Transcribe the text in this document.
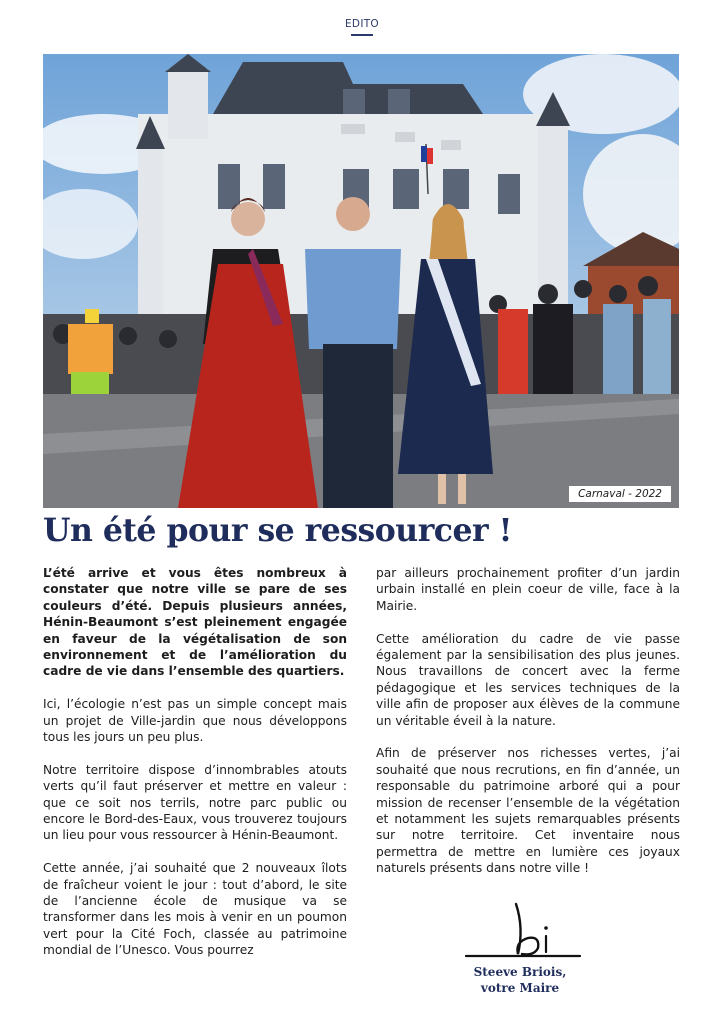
EDITO
Carnaval - 2022
Un été pour se ressourcer !

L’été arrive et vous êtes nombreux à constater que notre ville se pare de ses couleurs d’été. Depuis plusieurs années, Hénin-Beaumont s’est pleinement engagée en faveur de la végétalisation de son environnement et de l’amélioration du cadre de vie dans l’ensemble des quartiers.

Ici, l’écologie n’est pas un simple concept mais un projet de Ville-jardin que nous développons tous les jours un peu plus.

Notre territoire dispose d’innombrables atouts verts qu’il faut préserver et mettre en valeur : que ce soit nos terrils, notre parc public ou encore le Bord-des-Eaux, vous trouverez toujours un lieu pour vous ressourcer à Hénin-Beaumont.

Cette année, j’ai souhaité que 2 nouveaux îlots de fraîcheur voient le jour : tout d’abord, le site de l’ancienne école de musique va se transformer dans les mois à venir en un poumon vert pour la Cité Foch, classée au patrimoine mondial de l’Unesco. Vous pourrez

par ailleurs prochainement profiter d’un jardin urbain installé en plein coeur de ville, face à la Mairie.

Cette amélioration du cadre de vie passe également par la sensibilisation des plus jeunes. Nous travaillons de concert avec la ferme pédagogique et les services techniques de la ville afin de proposer aux élèves de la commune un véritable éveil à la nature.

Afin de préserver nos richesses vertes, j’ai souhaité que nous recrutions, en fin d’année, un responsable du patrimoine arboré qui a pour mission de recenser l’ensemble de la végétation et notamment les sujets remarquables présents sur notre territoire. Cet inventaire nous permettra de mettre en lumière ces joyaux naturels présents dans notre ville !

Steeve Briois,
votre Maire
